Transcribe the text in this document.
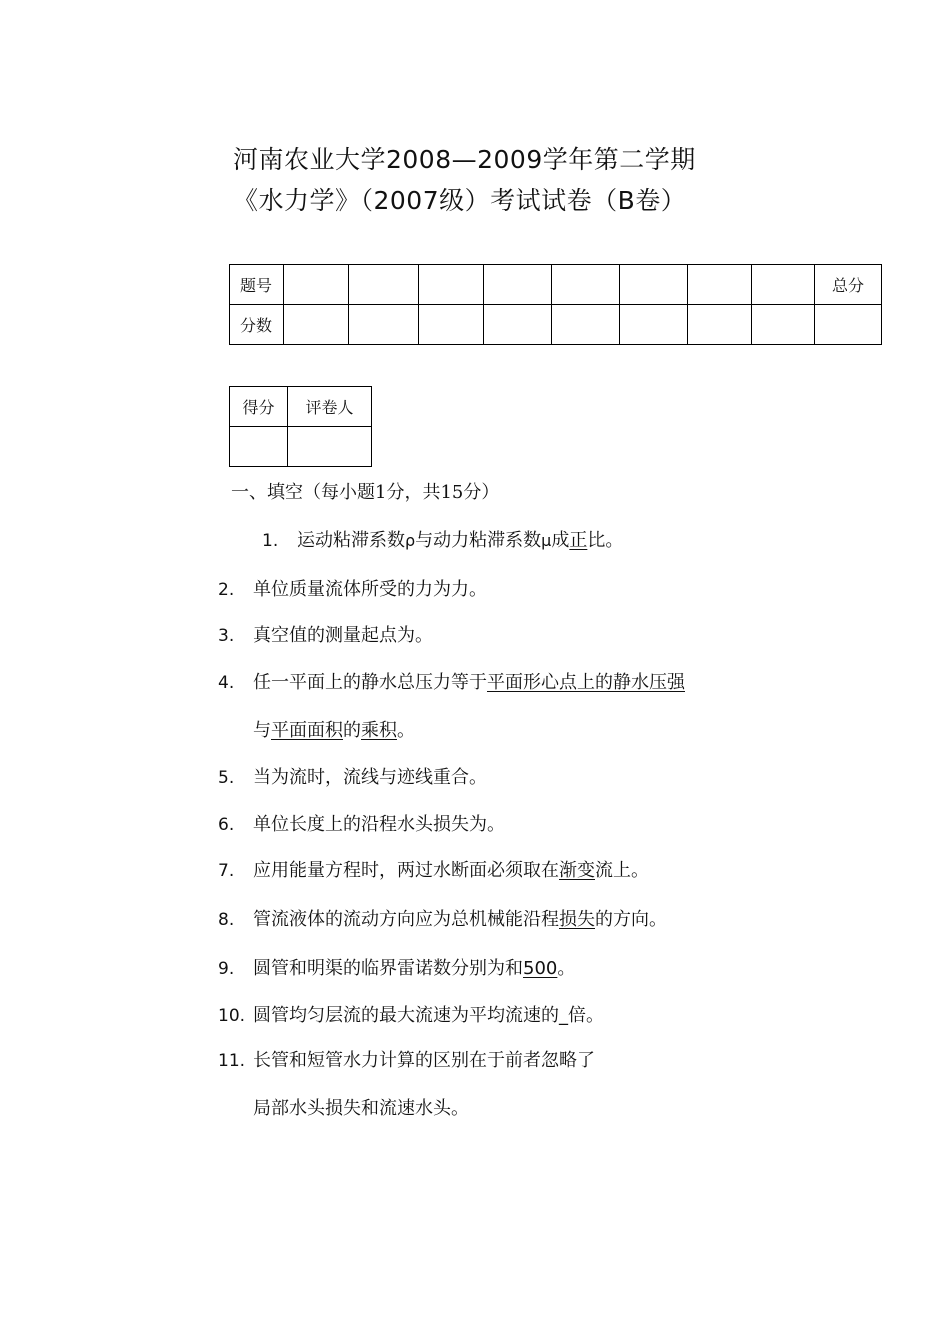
河南农业大学2008—2009学年第二学期
《水力学》（2007级）考试试卷（B卷）
题号									总分
分数									
得分	评卷人

一、填空（每小题1分，共15分）
1. 运动粘滞系数ρ与动力粘滞系数μ成正比。
2. 单位质量流体所受的力为力。
3. 真空值的测量起点为。
4. 任一平面上的静水总压力等于平面形心点上的静水压强
与平面面积的乘积。
5. 当为流时，流线与迹线重合。
6. 单位长度上的沿程水头损失为。
7. 应用能量方程时，两过水断面必须取在渐变流上。
8. 管流液体的流动方向应为总机械能沿程损失的方向。
9. 圆管和明渠的临界雷诺数分别为和500。
10. 圆管均匀层流的最大流速为平均流速的_倍。
11. 长管和短管水力计算的区别在于前者忽略了
局部水头损失和流速水头。
